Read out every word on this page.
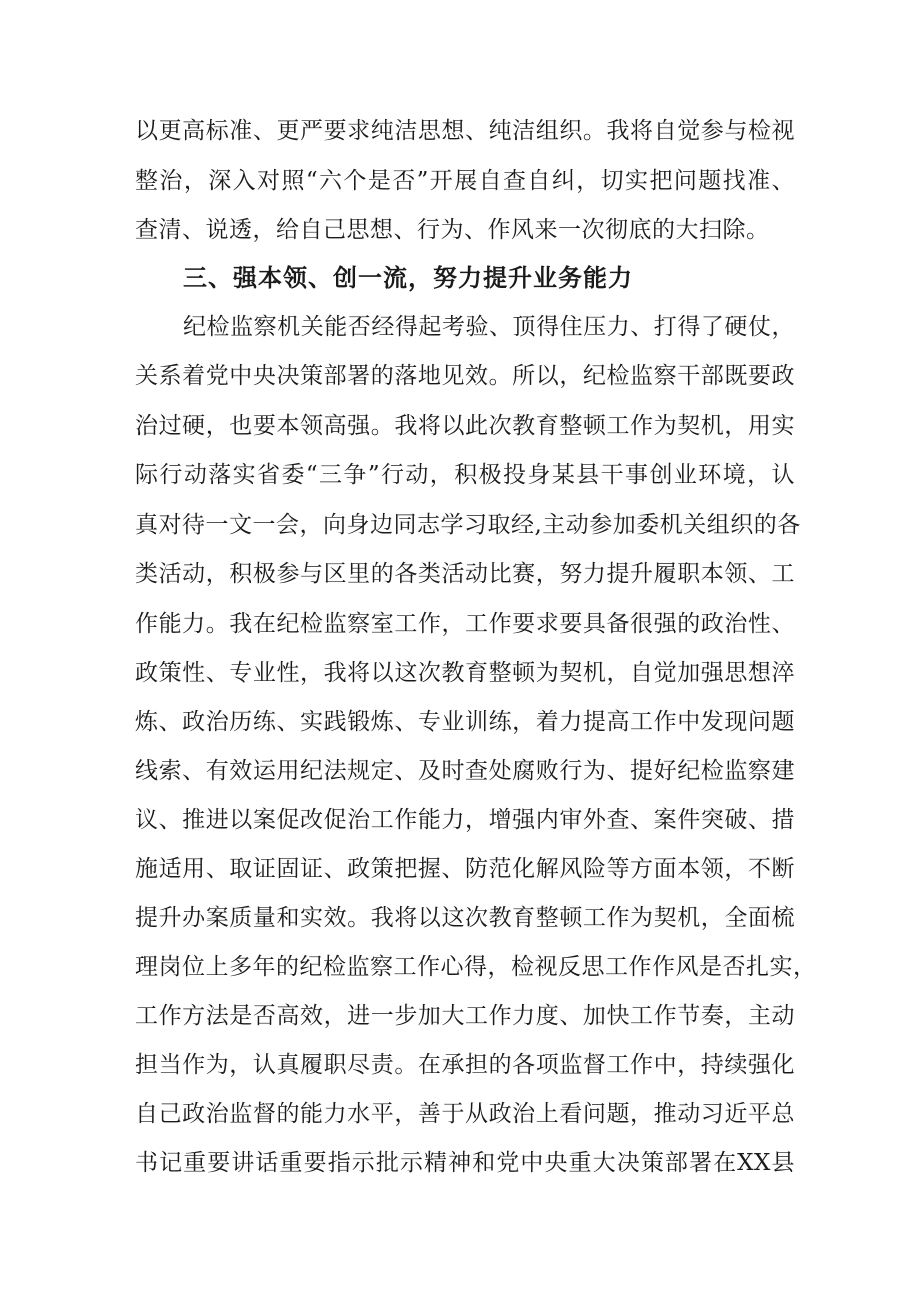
以更高标准、更严要求纯洁思想、纯洁组织。我将自觉参与检视
整治，深入对照“六个是否”开展自查自纠，切实把问题找准、
查清、说透，给自己思想、行为、作风来一次彻底的大扫除。
三、强本领、创一流，努力提升业务能力
纪检监察机关能否经得起考验、顶得住压力、打得了硬仗，
关系着党中央决策部署的落地见效。所以，纪检监察干部既要政
治过硬，也要本领高强。我将以此次教育整顿工作为契机，用实
际行动落实省委“三争”行动，积极投身某县干事创业环境，认
真对待一文一会，向身边同志学习取经,主动参加委机关组织的各
类活动，积极参与区里的各类活动比赛，努力提升履职本领、工
作能力。我在纪检监察室工作，工作要求要具备很强的政治性、
政策性、专业性，我将以这次教育整顿为契机，自觉加强思想淬
炼、政治历练、实践锻炼、专业训练，着力提高工作中发现问题
线索、有效运用纪法规定、及时查处腐败行为、提好纪检监察建
议、推进以案促改促治工作能力，增强内审外查、案件突破、措
施适用、取证固证、政策把握、防范化解风险等方面本领，不断
提升办案质量和实效。我将以这次教育整顿工作为契机，全面梳
理岗位上多年的纪检监察工作心得，检视反思工作作风是否扎实，
工作方法是否高效，进一步加大工作力度、加快工作节奏，主动
担当作为，认真履职尽责。在承担的各项监督工作中，持续强化
自己政治监督的能力水平，善于从政治上看问题，推动习近平总
书记重要讲话重要指示批示精神和党中央重大决策部署在XX县
